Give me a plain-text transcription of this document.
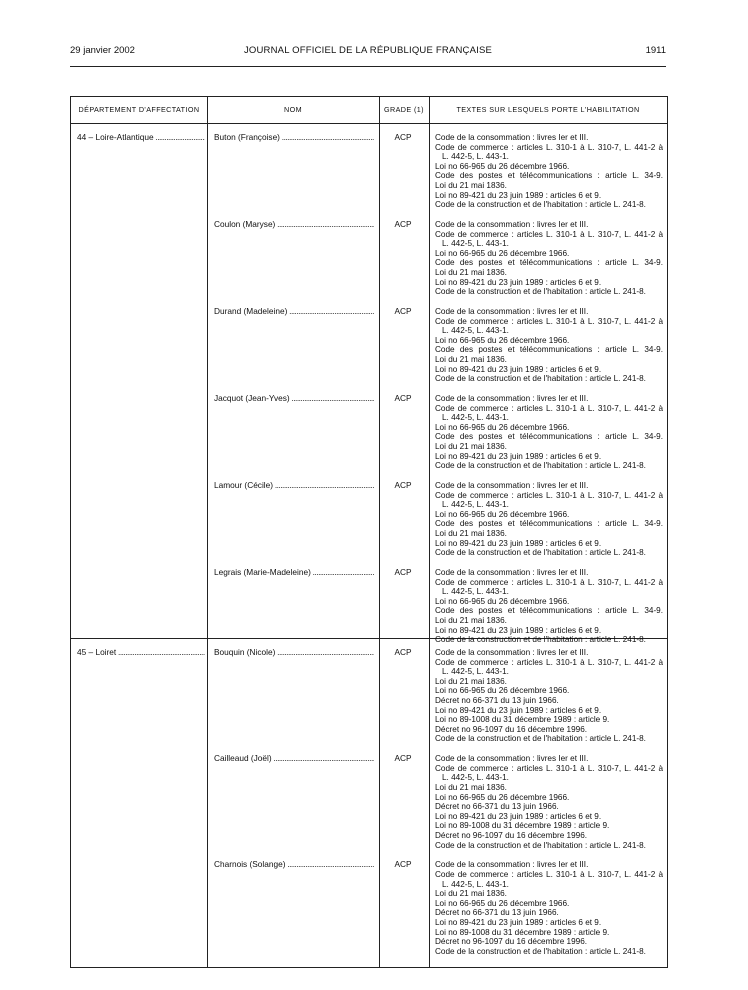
29 janvier 2002	JOURNAL OFFICIEL DE LA RÉPUBLIQUE FRANÇAISE	1911
DÉPARTEMENT D'AFFECTATION	NOM	GRADE (1)	TEXTES SUR LESQUELS PORTE L'HABILITATION
44 – Loire-Atlantique .....	Buton (Françoise) .....	ACP	Code de la consommation : livres Ier et III.
Code de commerce : articles L. 310-1 à L. 310-7, L. 441-2 à
L. 442-5, L. 443-1.
Loi no 66-965 du 26 décembre 1966.
Code des postes et télécommunications : article L. 34-9.
Loi du 21 mai 1836.
Loi no 89-421 du 23 juin 1989 : articles 6 et 9.
Code de la construction et de l'habitation : article L. 241-8.
Coulon (Maryse) .....	ACP	Code de la consommation : livres Ier et III.
Code de commerce : articles L. 310-1 à L. 310-7, L. 441-2 à
L. 442-5, L. 443-1.
Loi no 66-965 du 26 décembre 1966.
Code des postes et télécommunications : article L. 34-9.
Loi du 21 mai 1836.
Loi no 89-421 du 23 juin 1989 : articles 6 et 9.
Code de la construction et de l'habitation : article L. 241-8.
Durand (Madeleine) .....	ACP	Code de la consommation : livres Ier et III.
Code de commerce : articles L. 310-1 à L. 310-7, L. 441-2 à
L. 442-5, L. 443-1.
Loi no 66-965 du 26 décembre 1966.
Code des postes et télécommunications : article L. 34-9.
Loi du 21 mai 1836.
Loi no 89-421 du 23 juin 1989 : articles 6 et 9.
Code de la construction et de l'habitation : article L. 241-8.
Jacquot (Jean-Yves) .....	ACP	Code de la consommation : livres Ier et III.
Code de commerce : articles L. 310-1 à L. 310-7, L. 441-2 à
L. 442-5, L. 443-1.
Loi no 66-965 du 26 décembre 1966.
Code des postes et télécommunications : article L. 34-9.
Loi du 21 mai 1836.
Loi no 89-421 du 23 juin 1989 : articles 6 et 9.
Code de la construction et de l'habitation : article L. 241-8.
Lamour (Cécile) .....	ACP	Code de la consommation : livres Ier et III.
Code de commerce : articles L. 310-1 à L. 310-7, L. 441-2 à
L. 442-5, L. 443-1.
Loi no 66-965 du 26 décembre 1966.
Code des postes et télécommunications : article L. 34-9.
Loi du 21 mai 1836.
Loi no 89-421 du 23 juin 1989 : articles 6 et 9.
Code de la construction et de l'habitation : article L. 241-8.
Legrais (Marie-Madeleine) .....	ACP	Code de la consommation : livres Ier et III.
Code de commerce : articles L. 310-1 à L. 310-7, L. 441-2 à
L. 442-5, L. 443-1.
Loi no 66-965 du 26 décembre 1966.
Code des postes et télécommunications : article L. 34-9.
Loi du 21 mai 1836.
Loi no 89-421 du 23 juin 1989 : articles 6 et 9.
Code de la construction et de l'habitation : article L. 241-8.
45 – Loiret .....	Bouquin (Nicole) .....	ACP	Code de la consommation : livres Ier et III.
Code de commerce : articles L. 310-1 à L. 310-7, L. 441-2 à
L. 442-5, L. 443-1.
Loi du 21 mai 1836.
Loi no 66-965 du 26 décembre 1966.
Décret no 66-371 du 13 juin 1966.
Loi no 89-421 du 23 juin 1989 : articles 6 et 9.
Loi no 89-1008 du 31 décembre 1989 : article 9.
Décret no 96-1097 du 16 décembre 1996.
Code de la construction et de l'habitation : article L. 241-8.
Cailleaud (Joël) .....	ACP	Code de la consommation : livres Ier et III.
Code de commerce : articles L. 310-1 à L. 310-7, L. 441-2 à
L. 442-5, L. 443-1.
Loi du 21 mai 1836.
Loi no 66-965 du 26 décembre 1966.
Décret no 66-371 du 13 juin 1966.
Loi no 89-421 du 23 juin 1989 : articles 6 et 9.
Loi no 89-1008 du 31 décembre 1989 : article 9.
Décret no 96-1097 du 16 décembre 1996.
Code de la construction et de l'habitation : article L. 241-8.
Charnois (Solange) .....	ACP	Code de la consommation : livres Ier et III.
Code de commerce : articles L. 310-1 à L. 310-7, L. 441-2 à
L. 442-5, L. 443-1.
Loi du 21 mai 1836.
Loi no 66-965 du 26 décembre 1966.
Décret no 66-371 du 13 juin 1966.
Loi no 89-421 du 23 juin 1989 : articles 6 et 9.
Loi no 89-1008 du 31 décembre 1989 : article 9.
Décret no 96-1097 du 16 décembre 1996.
Code de la construction et de l'habitation : article L. 241-8.
